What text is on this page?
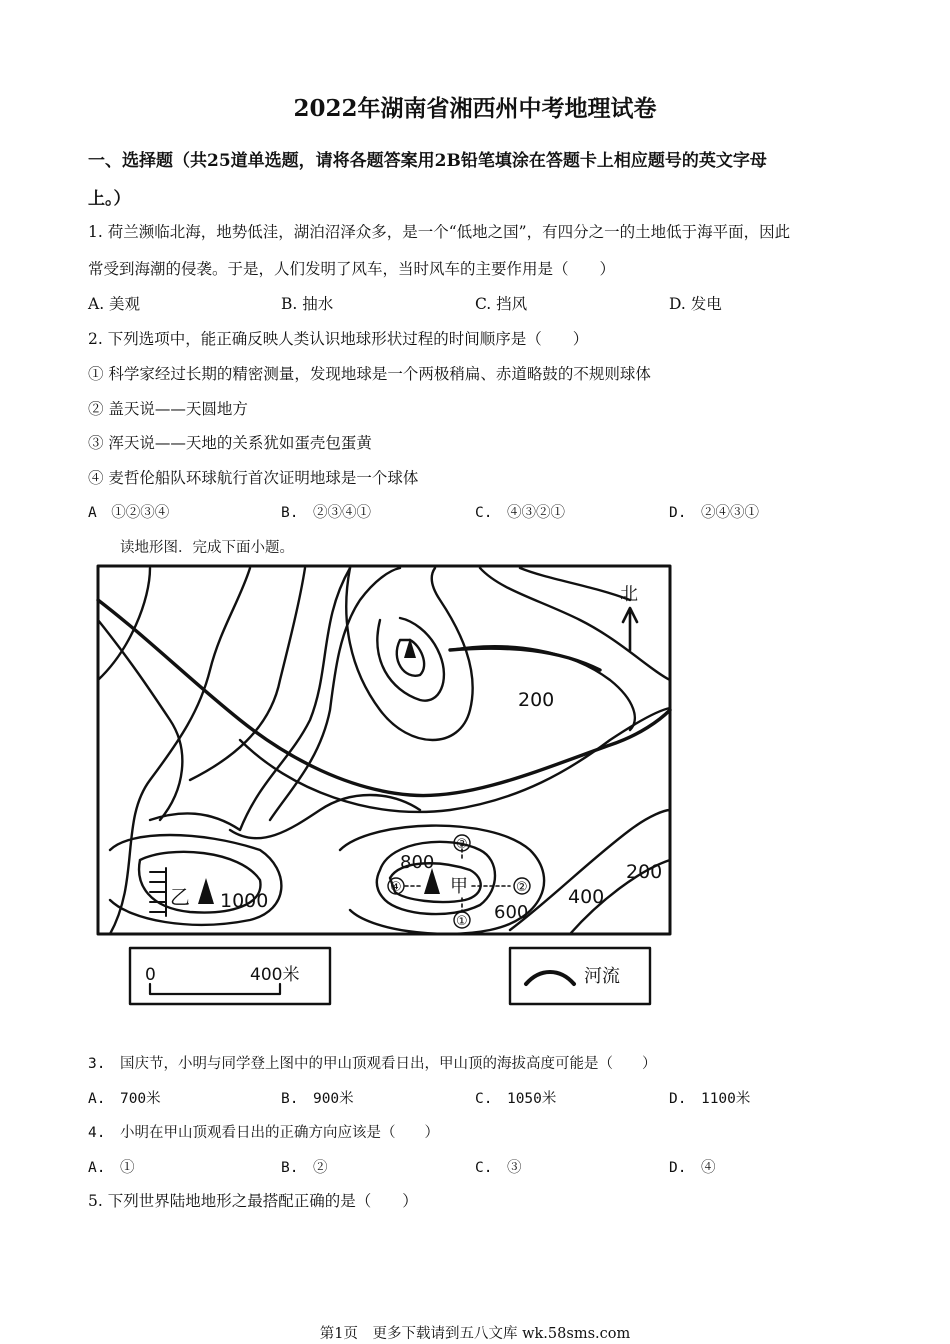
2022年湖南省湘西州中考地理试卷
一、选择题（共25道单选题，请将各题答案用2B铅笔填涂在答题卡上相应题号的英文字母
上。）
1. 荷兰濒临北海，地势低洼，湖泊沼泽众多，是一个“低地之国”，有四分之一的土地低于海平面，因此
常受到海潮的侵袭。于是，人们发明了风车，当时风车的主要作用是（　　）
A. 美观	B. 抽水	C. 挡风	D. 发电
2. 下列选项中，能正确反映人类认识地球形状过程的时间顺序是（　　）
① 科学家经过长期的精密测量，发现地球是一个两极稍扁、赤道略鼓的不规则球体
② 盖天说——天圆地方
③ 浑天说——天地的关系犹如蛋壳包蛋黄
④ 麦哲伦船队环球航行首次证明地球是一个球体
A　①②③④	B.　②③④①	C.　④③②①	D.　②④③①
读地形图．完成下面小题。
北
200
800
1000
600
400
200
乙	甲
③
①
②
④
0	400米	河流
3.　国庆节，小明与同学登上图中的甲山顶观看日出，甲山顶的海拔高度可能是（　　）
A.　700米	B.　900米	C.　1050米	D.　1100米
4.　小明在甲山顶观看日出的正确方向应该是（　　）
A.　①	B.　②	C.　③	D.　④
5. 下列世界陆地地形之最搭配正确的是（　　）
第1页　更多下载请到五八文库 wk.58sms.com
